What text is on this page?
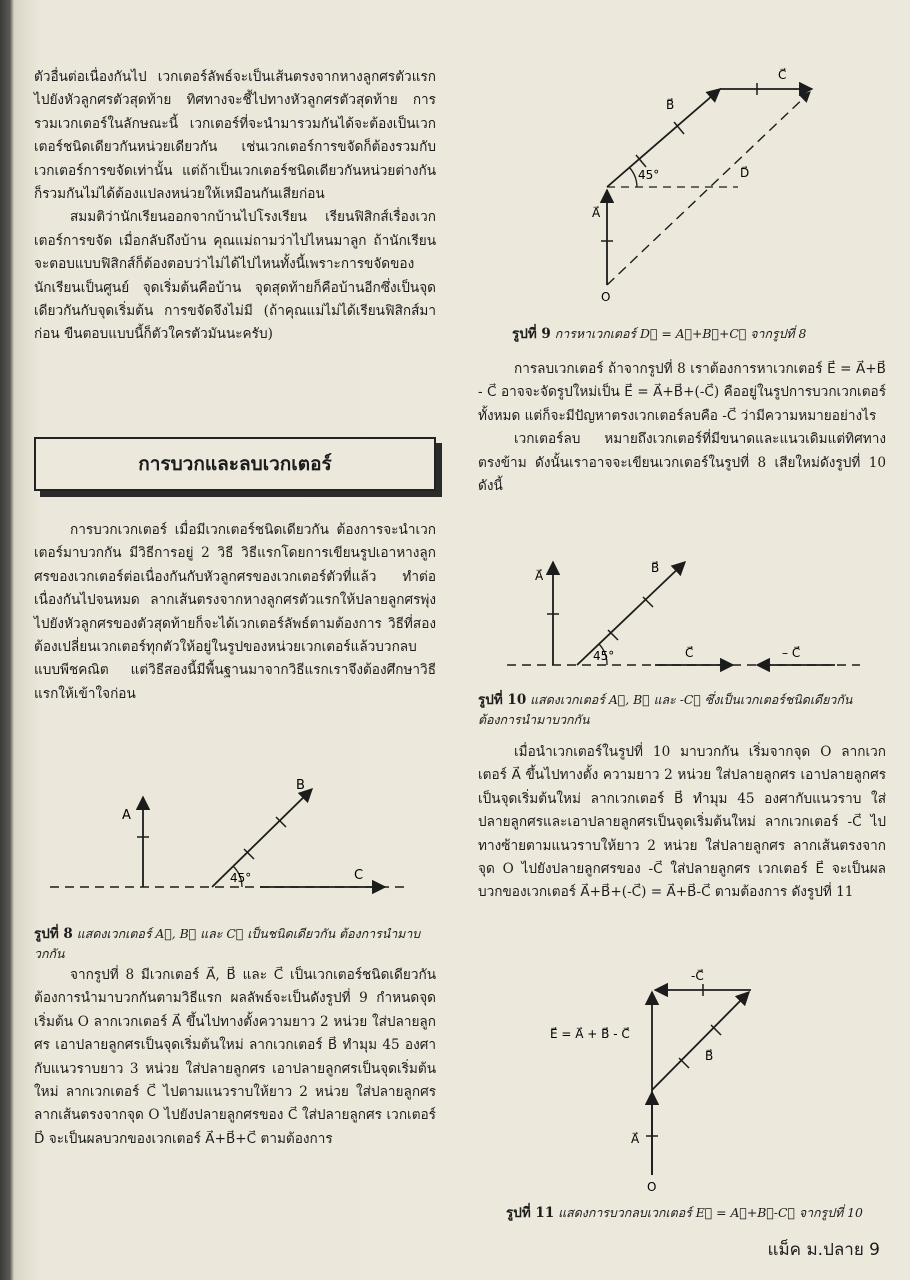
ตัวอื่นต่อเนื่องกันไป เวกเตอร์ลัพธ์จะเป็นเส้นตรงจากหางลูกศรตัวแรกไปยังหัวลูกศรตัวสุดท้าย ทิศทางจะชี้ไปทางหัวลูกศรตัวสุดท้าย การรวมเวกเตอร์ในลักษณะนี้ เวกเตอร์ที่จะนำมารวมกันได้จะต้องเป็นเวกเตอร์ชนิดเดียวกันหน่วยเดียวกัน เช่นเวกเตอร์การขจัดก็ต้องรวมกับเวกเตอร์การขจัดเท่านั้น แต่ถ้าเป็นเวกเตอร์ชนิดเดียวกันหน่วยต่างกันก็รวมกันไม่ได้ต้องแปลงหน่วยให้เหมือนกันเสียก่อน

สมมติว่านักเรียนออกจากบ้านไปโรงเรียน เรียนฟิสิกส์เรื่องเวกเตอร์การขจัด เมื่อกลับถึงบ้าน คุณแม่ถามว่าไปไหนมาลูก ถ้านักเรียนจะตอบแบบฟิสิกส์ก็ต้องตอบว่าไม่ได้ไปไหนทั้งนี้เพราะการขจัดของนักเรียนเป็นศูนย์ จุดเริ่มต้นคือบ้าน จุดสุดท้ายก็คือบ้านอีกซึ่งเป็นจุดเดียวกันกับจุดเริ่มต้น การขจัดจึงไม่มี (ถ้าคุณแม่ไม่ได้เรียนฟิสิกส์มาก่อน ขืนตอบแบบนี้ก็ตัวใครตัวมันนะครับ)

การบวกและลบเวกเตอร์

การบวกเวกเตอร์ เมื่อมีเวกเตอร์ชนิดเดียวกัน ต้องการจะนำเวกเตอร์มาบวกกัน มีวิธีการอยู่ 2 วิธี วิธีแรกโดยการเขียนรูปเอาหางลูกศรของเวกเตอร์ต่อเนื่องกันกับหัวลูกศรของเวกเตอร์ตัวที่แล้ว ทำต่อเนื่องกันไปจนหมด ลากเส้นตรงจากหางลูกศรตัวแรกให้ปลายลูกศรพุ่งไปยังหัวลูกศรของตัวสุดท้ายก็จะได้เวกเตอร์ลัพธ์ตามต้องการ วิธีที่สองต้องเปลี่ยนเวกเตอร์ทุกตัวให้อยู่ในรูปของหน่วยเวกเตอร์แล้วบวกลบแบบพีชคณิต แต่วิธีสองนี้มีพื้นฐานมาจากวิธีแรกเราจึงต้องศึกษาวิธีแรกให้เข้าใจก่อน

A
B
45°	C
รูปที่ 8 แสดงเวกเตอร์ A⃗, B⃗ และ C⃗ เป็นชนิดเดียวกัน ต้องการนำมาบวกกัน

จากรูปที่ 8 มีเวกเตอร์ A⃗, B⃗ และ C⃗ เป็นเวกเตอร์ชนิดเดียวกัน ต้องการนำมาบวกกันตามวิธีแรก ผลลัพธ์จะเป็นดังรูปที่ 9 กำหนดจุดเริ่มต้น O ลากเวกเตอร์ A⃗ ขึ้นไปทางตั้งความยาว 2 หน่วย ใส่ปลายลูกศร เอาปลายลูกศรเป็นจุดเริ่มต้นใหม่ ลากเวกเตอร์ B⃗ ทำมุม 45 องศากับแนวราบยาว 3 หน่วย ใส่ปลายลูกศร เอาปลายลูกศรเป็นจุดเริ่มต้นใหม่ ลากเวกเตอร์ C⃗ ไปตามแนวราบให้ยาว 2 หน่วย ใส่ปลายลูกศร ลากเส้นตรงจากจุด O ไปยังปลายลูกศรของ C⃗ ใส่ปลายลูกศร เวกเตอร์ D⃗ จะเป็นผลบวกของเวกเตอร์ A⃗+B⃗+C⃗ ตามต้องการ

A⃗
O
B⃗
45°
C⃗
D⃗
รูปที่ 9 การหาเวกเตอร์ D⃗ = A⃗+B⃗+C⃗ จากรูปที่ 8

การลบเวกเตอร์ ถ้าจากรูปที่ 8 เราต้องการหาเวกเตอร์ E⃗ = A⃗+B⃗ - C⃗ อาจจะจัดรูปใหม่เป็น E⃗ = A⃗+B⃗+(-C⃗) คืออยู่ในรูปการบวกเวกเตอร์ทั้งหมด แต่ก็จะมีปัญหาตรงเวกเตอร์ลบคือ -C⃗ ว่ามีความหมายอย่างไร

เวกเตอร์ลบ หมายถึงเวกเตอร์ที่มีขนาดและแนวเดิมแต่ทิศทางตรงข้าม ดังนั้นเราอาจจะเขียนเวกเตอร์ในรูปที่ 8 เสียใหม่ดังรูปที่ 10 ดังนี้

A⃗
B⃗
45°	C⃗	– C⃗
รูปที่ 10 แสดงเวกเตอร์ A⃗, B⃗ และ -C⃗ ซึ่งเป็นเวกเตอร์ชนิดเดียวกันต้องการนำมาบวกกัน

เมื่อนำเวกเตอร์ในรูปที่ 10 มาบวกกัน เริ่มจากจุด O ลากเวกเตอร์ A⃗ ขึ้นไปทางตั้ง ความยาว 2 หน่วย ใส่ปลายลูกศร เอาปลายลูกศรเป็นจุดเริ่มต้นใหม่ ลากเวกเตอร์ B⃗ ทำมุม 45 องศากับแนวราบ ใส่ปลายลูกศรและเอาปลายลูกศรเป็นจุดเริ่มต้นใหม่ ลากเวกเตอร์ -C⃗ ไปทางซ้ายตามแนวราบให้ยาว 2 หน่วย ใส่ปลายลูกศร ลากเส้นตรงจากจุด O ไปยังปลายลูกศรของ -C⃗ ใส่ปลายลูกศร เวกเตอร์ E⃗ จะเป็นผลบวกของเวกเตอร์ A⃗+B⃗+(-C⃗) = A⃗+B⃗-C⃗ ตามต้องการ ดังรูปที่ 11

A⃗
O
B⃗
-C⃗
E⃗ = A⃗ + B⃗ - C⃗
รูปที่ 11 แสดงการบวกลบเวกเตอร์ E⃗ = A⃗+B⃗-C⃗ จากรูปที่ 10
แม็ค ม.ปลาย 9
